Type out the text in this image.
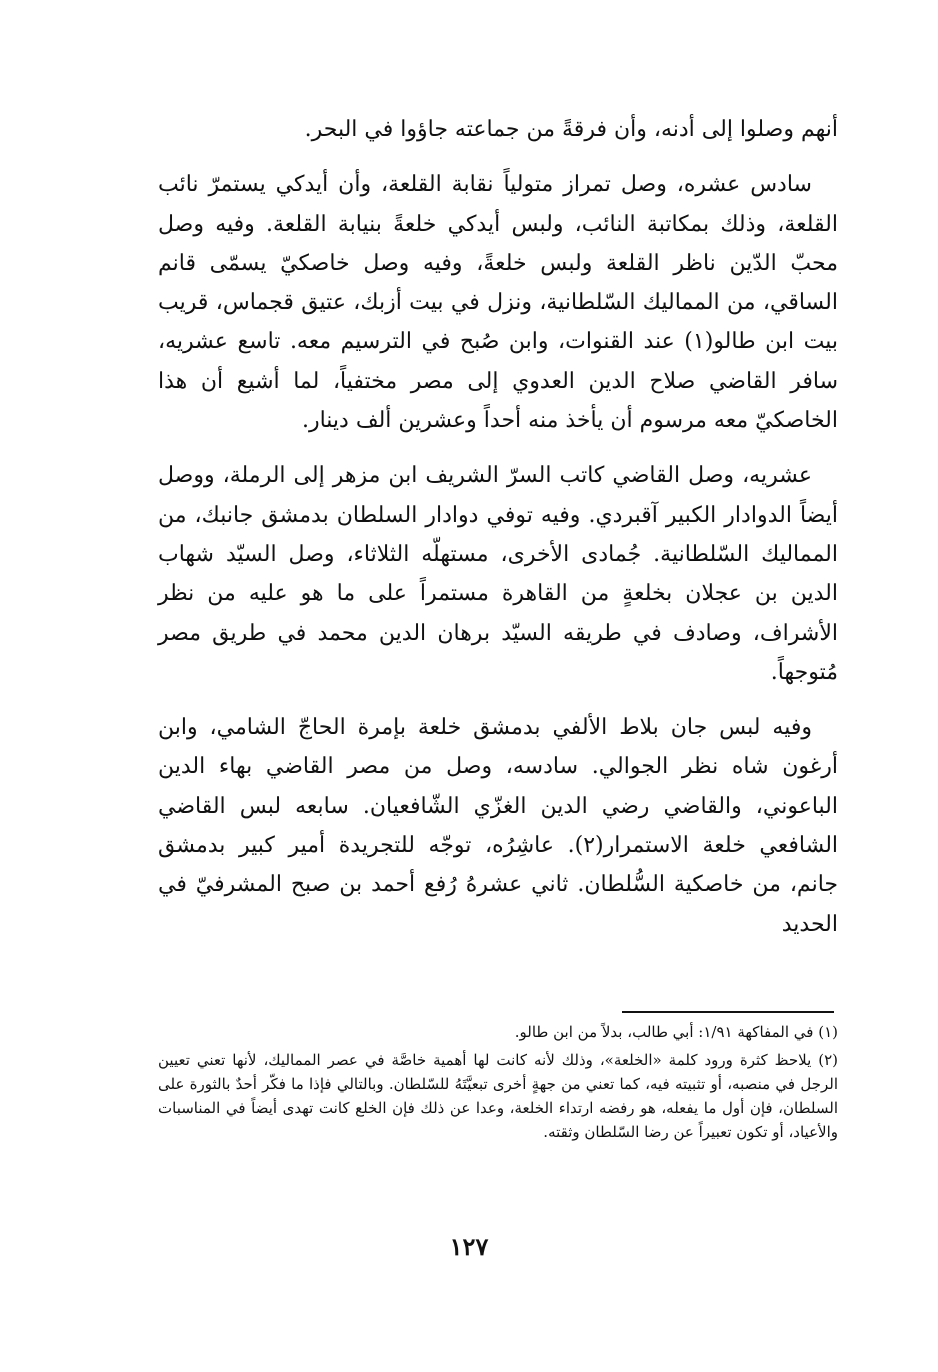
أنهم وصلوا إلى أدنه، وأن فرقةً من جماعته جاؤوا في البحر.

سادس عشره، وصل تمراز متولياً نقابة القلعة، وأن أيدكي يستمرّ نائب القلعة، وذلك بمكاتبة النائب، ولبس أيدكي خلعةً بنيابة القلعة. وفيه وصل محبّ الدّين ناظر القلعة ولبس خلعةً، وفيه وصل خاصكيّ يسمّى قانم الساقي، من المماليك السّلطانية، ونزل في بيت أزبك، عتيق قجماس، قريب بيت ابن طالو(١) عند القنوات، وابن صُبح في الترسيم معه. تاسع عشريه، سافر القاضي صلاح الدين العدوي إلى مصر مختفياً، لما أشيع أن هذا الخاصكيّ معه مرسوم أن يأخذ منه أحداً وعشرين ألف دينار.

عشريه، وصل القاضي كاتب السرّ الشريف ابن مزهر إلى الرملة، ووصل أيضاً الدوادار الكبير آقبردي. وفيه توفي دوادار السلطان بدمشق جانبك، من المماليك السّلطانية. جُمادى الأخرى، مستهلّه الثلاثاء، وصل السيّد شهاب الدين بن عجلان بخلعةٍ من القاهرة مستمراً على ما هو عليه من نظر الأشراف، وصادف في طريقه السيّد برهان الدين محمد في طريق مصر مُتوجهاً.

وفيه لبس جان بلاط الألفي بدمشق خلعة بإمرة الحاجّ الشامي، وابن أرغون شاه نظر الجوالي. سادسه، وصل من مصر القاضي بهاء الدين الباعوني، والقاضي رضي الدين الغزّي الشّافعيان. سابعه لبس القاضي الشافعي خلعة الاستمرار(٢). عاشِرُه، توجّه للتجريدة أمير كبير بدمشق جانم، من خاصكية السُّلطان. ثاني عشرهُ رُفع أحمد بن صبح المشرفيّ في الحديد

(١) في المفاكهة ١/٩١: أبي طالب، بدلاً من ابن طالو.

(٢) يلاحظ كثرة ورود كلمة «الخلعة»، وذلك لأنه كانت لها أهمية خاصَّة في عصر المماليك، لأنها تعني تعيين الرجل في منصبه، أو تثبيته فيه، كما تعني من جهةٍ أخرى تبعيَّتَهُ للسّلطان. وبالتالي فإذا ما فكّر أحدٌ بالثورة على السلطان، فإن أول ما يفعله، هو رفضه ارتداء الخلعة، وعدا عن ذلك فإن الخلع كانت تهدى أيضاً في المناسبات والأعياد، أو تكون تعبيراً عن رضا السّلطان وثقته.

١٢٧
